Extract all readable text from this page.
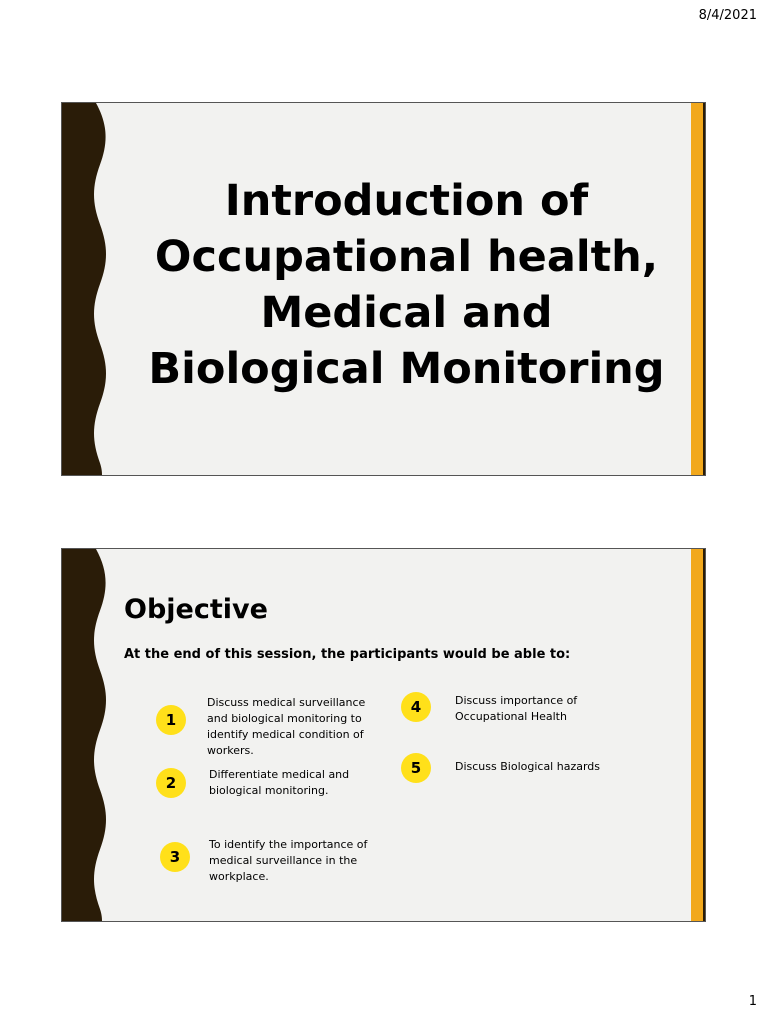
8/4/2021
Introduction of
Occupational health,
Medical and
Biological Monitoring
Objective
At the end of this session, the participants would be able to:
1
Discuss medical surveillance and biological monitoring to identify medical condition of workers.
2	Differentiate medical and biological monitoring.
3
To identify the importance of medical surveillance in the workplace.
4	Discuss importance of Occupational Health
5	Discuss Biological hazards
1
